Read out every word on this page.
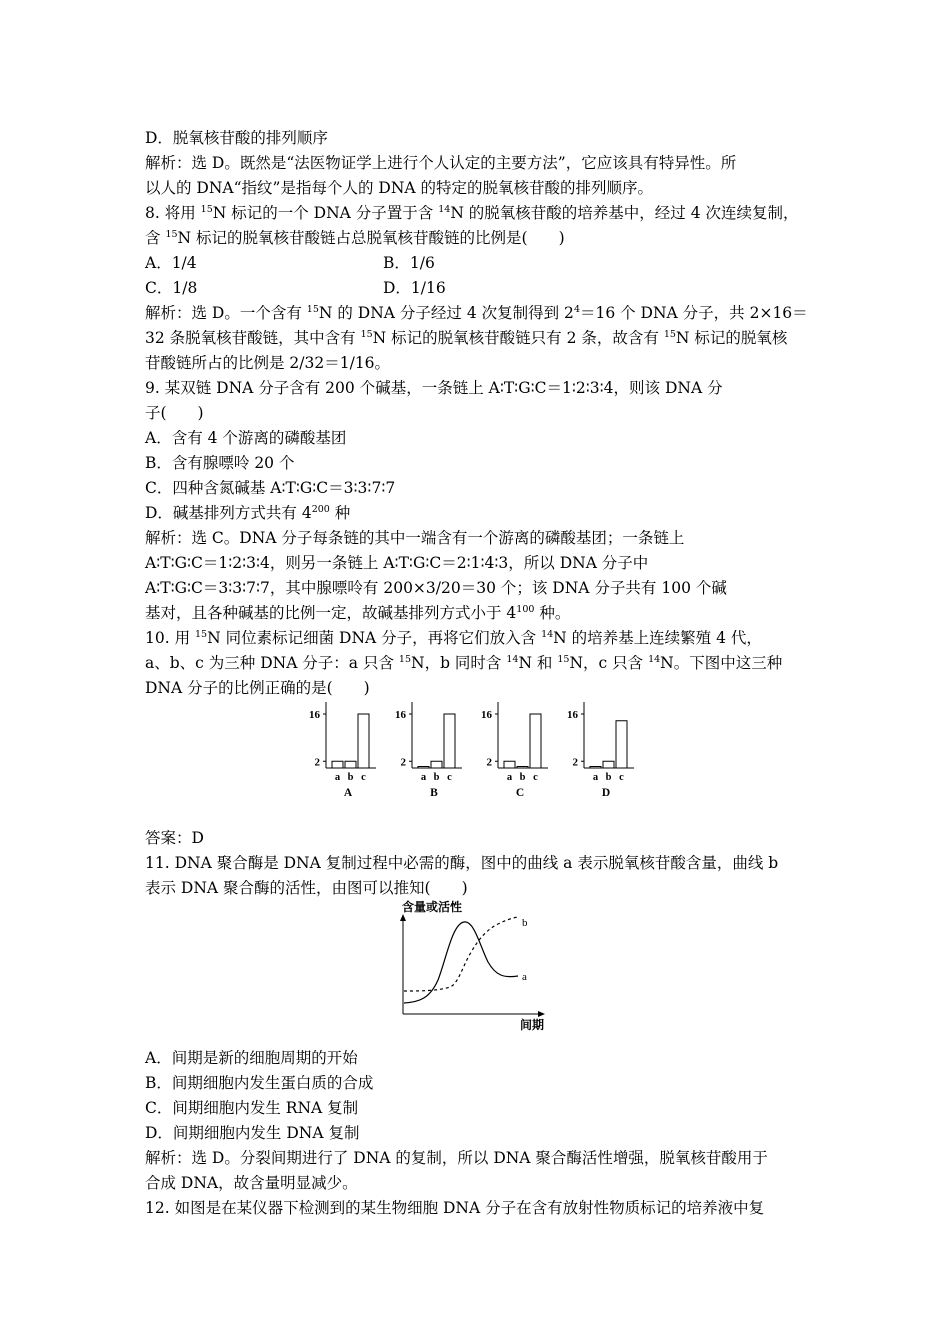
D．脱氧核苷酸的排列顺序
解析：选 D。既然是“法医物证学上进行个人认定的主要方法”，它应该具有特异性。所
以人的 DNA“指纹”是指每个人的 DNA 的特定的脱氧核苷酸的排列顺序。
8. 将用 $^{15}$N 标记的一个 DNA 分子置于含 $^{14}$N 的脱氧核苷酸的培养基中，经过 4 次连续复制，
含 $^{15}$N 标记的脱氧核苷酸链占总脱氧核苷酸链的比例是(　　)
A．1/4	B．1/6
C．1/8	D．1/16
解析：选 D。一个含有 $^{15}$N 的 DNA 分子经过 4 次复制得到 $2^4=16$ 个 DNA 分子，共 2×16＝
32 条脱氧核苷酸链，其中含有 $^{15}$N 标记的脱氧核苷酸链只有 2 条，故含有 $^{15}$N 标记的脱氧核
苷酸链所占的比例是 2/32＝1/16。
9. 某双链 DNA 分子含有 200 个碱基，一条链上 A∶T∶G∶C＝1∶2∶3∶4，则该 DNA 分
子(　　)
A．含有 4 个游离的磷酸基团
B．含有腺嘌呤 20 个
C．四种含氮碱基 A∶T∶G∶C＝3∶3∶7∶7
D．碱基排列方式共有 $4^{200}$ 种
解析：选 C。DNA 分子每条链的其中一端含有一个游离的磷酸基团；一条链上
A∶T∶G∶C＝1∶2∶3∶4，则另一条链上 A∶T∶G∶C＝2∶1∶4∶3，所以 DNA 分子中
A∶T∶G∶C＝3∶3∶7∶7，其中腺嘌呤有 200×3/20＝30 个；该 DNA 分子共有 100 个碱
基对，且各种碱基的比例一定，故碱基排列方式小于 $4^{100}$ 种。
10. 用 $^{15}$N 同位素标记细菌 DNA 分子，再将它们放入含 $^{14}$N 的培养基上连续繁殖 4 代，
a、b、c 为三种 DNA 分子：a 只含 $^{15}$N，b 同时含 $^{14}$N 和 $^{15}$N，c 只含 $^{14}$N。下图中这三种
DNA 分子的比例正确的是(　　)
16
2
a b c
A
16
2
a b c
B
16
2
a b c
C
16
2
a b c
D
答案：D
11. DNA 聚合酶是 DNA 复制过程中必需的酶，图中的曲线 a 表示脱氧核苷酸含量，曲线 b
表示 DNA 聚合酶的活性，由图可以推知(　　)
含量或活性
a
b
间期
A．间期是新的细胞周期的开始
B．间期细胞内发生蛋白质的合成
C．间期细胞内发生 RNA 复制
D．间期细胞内发生 DNA 复制
解析：选 D。分裂间期进行了 DNA 的复制，所以 DNA 聚合酶活性增强，脱氧核苷酸用于
合成 DNA，故含量明显减少。
12. 如图是在某仪器下检测到的某生物细胞 DNA 分子在含有放射性物质标记的培养液中复
